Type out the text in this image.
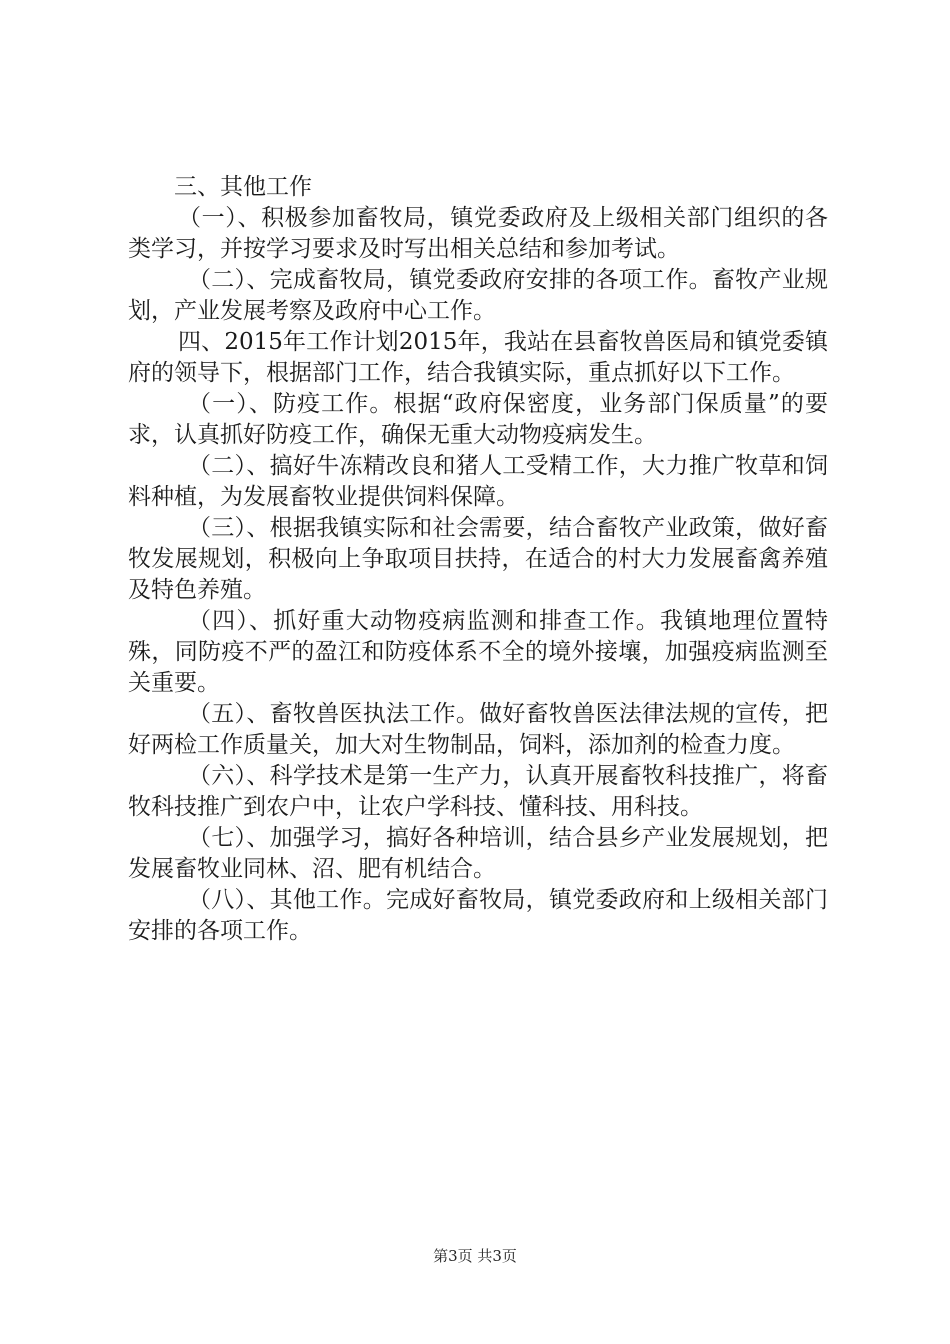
三、其他工作

（一）、积极参加畜牧局，镇党委政府及上级相关部门组织的各类学习，并按学习要求及时写出相关总结和参加考试。

（二）、完成畜牧局，镇党委政府安排的各项工作。畜牧产业规划，产业发展考察及政府中心工作。

四、2015年工作计划2015年，我站在县畜牧兽医局和镇党委镇府的领导下，根据部门工作，结合我镇实际，重点抓好以下工作。

（一）、防疫工作。根据“政府保密度，业务部门保质量”的要求，认真抓好防疫工作，确保无重大动物疫病发生。

（二）、搞好牛冻精改良和猪人工受精工作，大力推广牧草和饲料种植，为发展畜牧业提供饲料保障。

（三）、根据我镇实际和社会需要，结合畜牧产业政策，做好畜牧发展规划，积极向上争取项目扶持，在适合的村大力发展畜禽养殖及特色养殖。

（四）、抓好重大动物疫病监测和排查工作。我镇地理位置特殊，同防疫不严的盈江和防疫体系不全的境外接壤，加强疫病监测至关重要。

（五）、畜牧兽医执法工作。做好畜牧兽医法律法规的宣传，把好两检工作质量关，加大对生物制品，饲料，添加剂的检查力度。

（六）、科学技术是第一生产力，认真开展畜牧科技推广，将畜牧科技推广到农户中，让农户学科技、懂科技、用科技。

（七）、加强学习，搞好各种培训，结合县乡产业发展规划，把发展畜牧业同林、沼、肥有机结合。

（八）、其他工作。完成好畜牧局，镇党委政府和上级相关部门安排的各项工作。

第3页 共3页
